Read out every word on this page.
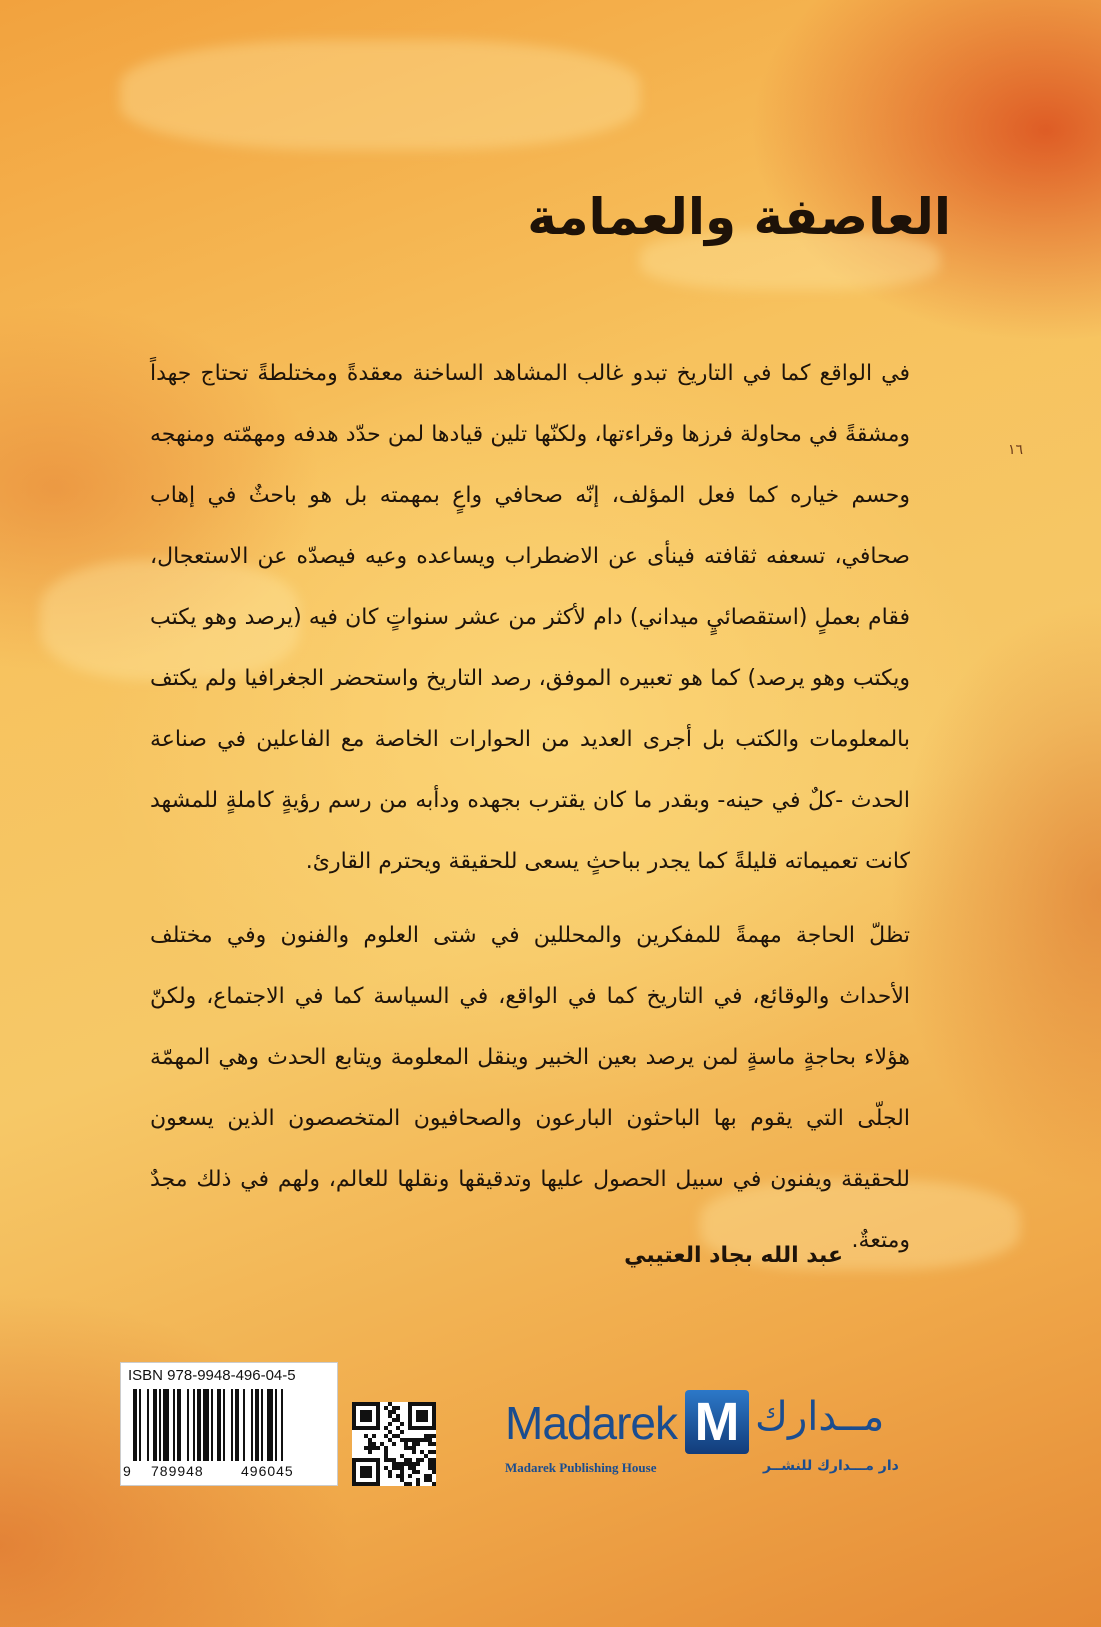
العاصفة والعمامة

في الواقع كما في التاريخ تبدو غالب المشاهد الساخنة معقدةً ومختلطةً تحتاج جهداً ومشقةً في محاولة فرزها وقراءتها، ولكنّها تلين قيادها لمن حدّد هدفه ومهمّته ومنهجه وحسم خياره كما فعل المؤلف، إنّه صحافي واعٍ بمهمته بل هو باحثٌ في إهاب صحافي، تسعفه ثقافته فينأى عن الاضطراب ويساعده وعيه فيصدّه عن الاستعجال، فقام بعملٍ (استقصائيٍ ميداني) دام لأكثر من عشر سنواتٍ كان فيه (يرصد وهو يكتب ويكتب وهو يرصد) كما هو تعبيره الموفق، رصد التاريخ واستحضر الجغرافيا ولم يكتف بالمعلومات والكتب بل أجرى العديد من الحوارات الخاصة مع الفاعلين في صناعة الحدث -كلٌ في حينه- وبقدر ما كان يقترب بجهده ودأبه من رسم رؤيةٍ كاملةٍ للمشهد كانت تعميماته قليلةً كما يجدر بباحثٍ يسعى للحقيقة ويحترم القارئ.

تظلّ الحاجة مهمةً للمفكرين والمحللين في شتى العلوم والفنون وفي مختلف الأحداث والوقائع، في التاريخ كما في الواقع، في السياسة كما في الاجتماع، ولكنّ هؤلاء بحاجةٍ ماسةٍ لمن يرصد بعين الخبير وينقل المعلومة ويتابع الحدث وهي المهمّة الجلّى التي يقوم بها الباحثون البارعون والصحافيون المتخصصون الذين يسعون للحقيقة ويفنون في سبيل الحصول عليها وتدقيقها ونقلها للعالم، ولهم في ذلك مجدٌ ومتعةٌ.

١٦

عبد الله بجاد العتيبي

ISBN 978-9948-496-04-5
9 789948	496045
Madarek M مــدارك
Madarek Publishing House	دار مـــدارك للنشــر
